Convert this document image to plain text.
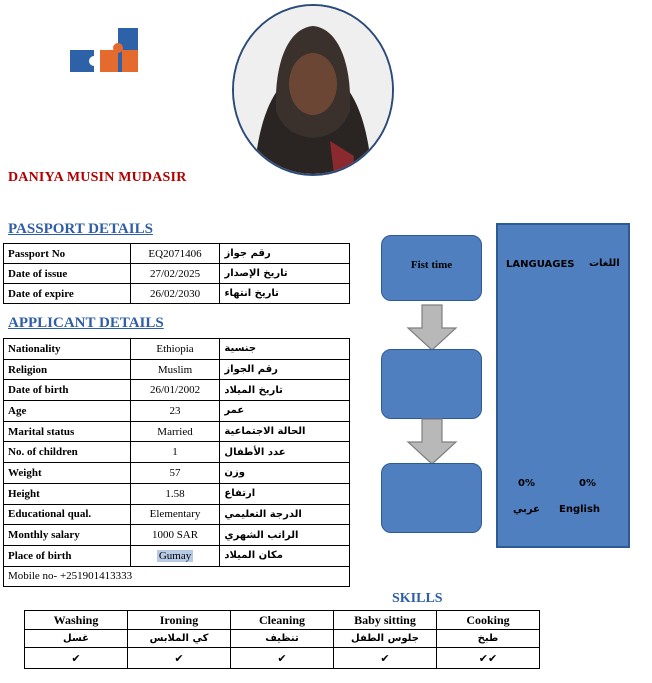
DANIYA MUSIN MUDASIR
PASSPORT DETAILS
Passport No	EQ2071406	رقم جواز
Date of issue	27/02/2025	تاريخ الإصدار
Date of expire	26/02/2030	تاريخ انتهاء
APPLICANT DETAILS
Nationality	Ethiopia	جنسية
Religion	Muslim	رقم الجواز
Date of birth	26/01/2002	تاريخ الميلاد
Age	23	عمر
Marital status	Married	الحالة الاجتماعية
No. of children	1	عدد الأطفال
Weight	57	وزن
Height	1.58	ارتفاع
Educational qual.	Elementary	الدرجة التعليمي
Monthly salary	1000 SAR	الراتب الشهري
Place of birth	Gumay	مكان الميلاد
Mobile no- +251901413333		
Fist time	LANGUAGES اللغات
0%	0%
عربي English
SKILLS
Washing	Ironing	Cleaning	Baby sitting	Cooking
غسل	كي الملابس	تنظيف	جلوس الطفل	طبخ
✔	✔	✔	✔	✔✔
